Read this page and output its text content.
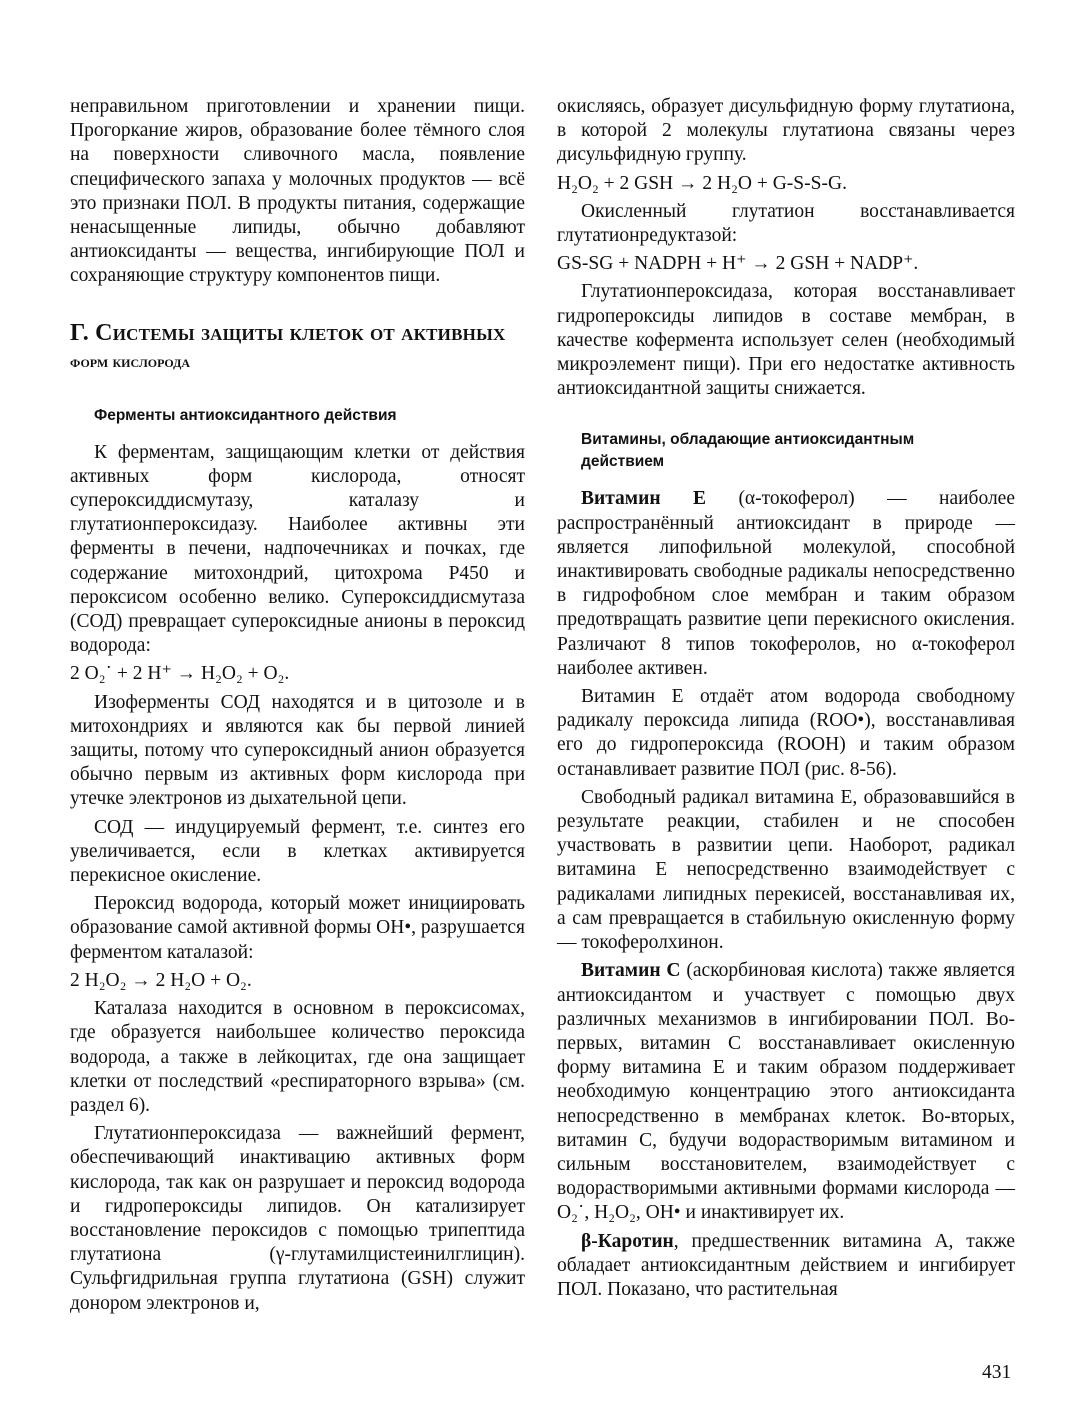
неправильном приготовлении и хранении пищи. Прогоркание жиров, образование более тёмного слоя на поверхности сливочного масла, появление специфического запаха у молочных продуктов — всё это признаки ПОЛ. В продукты питания, содержащие ненасыщенные липиды, обычно добавляют антиоксиданты — вещества, ингибирующие ПОЛ и сохраняющие структуру компонентов пищи.

Г. Системы защиты клеток от активных
форм кислорода
Ферменты антиоксидантного действия

К ферментам, защищающим клетки от действия активных форм кислорода, относят супероксиддисмутазу, каталазу и глутатионпероксидазу. Наиболее активны эти ферменты в печени, надпочечниках и почках, где содержание митохондрий, цитохрома P450 и пероксисом особенно велико. Супероксиддисмутаза (СОД) превращает супероксидные анионы в пероксид водорода:

2 O₂˙ + 2 H⁺ → H₂O₂ + O₂.

Изоферменты СОД находятся и в цитозоле и в митохондриях и являются как бы первой линией защиты, потому что супероксидный анион образуется обычно первым из активных форм кислорода при утечке электронов из дыхательной цепи.

СОД — индуцируемый фермент, т.е. синтез его увеличивается, если в клетках активируется перекисное окисление.

Пероксид водорода, который может инициировать образование самой активной формы OH•, разрушается ферментом каталазой:

2 H₂O₂ → 2 H₂O + O₂.

Каталаза находится в основном в пероксисомах, где образуется наибольшее количество пероксида водорода, а также в лейкоцитах, где она защищает клетки от последствий «респираторного взрыва» (см. раздел 6).

Глутатионпероксидаза — важнейший фермент, обеспечивающий инактивацию активных форм кислорода, так как он разрушает и пероксид водорода и гидропероксиды липидов. Он катализирует восстановление пероксидов с помощью трипептида глутатиона (γ-глутамилцистеинилглицин). Сульфгидрильная группа глутатиона (GSH) служит донором электронов и,

окисляясь, образует дисульфидную форму глутатиона, в которой 2 молекулы глутатиона связаны через дисульфидную группу.

H₂O₂ + 2 GSH → 2 H₂O + G-S-S-G.

Окисленный глутатион восстанавливается глутатионредуктазой:

GS-SG + NADPH + H⁺ → 2 GSH + NADP⁺.

Глутатионпероксидаза, которая восстанавливает гидропероксиды липидов в составе мембран, в качестве кофермента использует селен (необходимый микроэлемент пищи). При его недостатке активность антиоксидантной защиты снижается.

Витамины, обладающие антиоксидантным
действием

Витамин E (α-токоферол) — наиболее распространённый антиоксидант в природе — является липофильной молекулой, способной инактивировать свободные радикалы непосредственно в гидрофобном слое мембран и таким образом предотвращать развитие цепи перекисного окисления. Различают 8 типов токоферолов, но α-токоферол наиболее активен.

Витамин E отдаёт атом водорода свободному радикалу пероксида липида (ROO•), восстанавливая его до гидропероксида (ROOH) и таким образом останавливает развитие ПОЛ (рис. 8-56).

Свободный радикал витамина E, образовавшийся в результате реакции, стабилен и не способен участвовать в развитии цепи. Наоборот, радикал витамина E непосредственно взаимодействует с радикалами липидных перекисей, восстанавливая их, а сам превращается в стабильную окисленную форму — токоферолхинон.

Витамин C (аскорбиновая кислота) также является антиоксидантом и участвует с помощью двух различных механизмов в ингибировании ПОЛ. Во-первых, витамин C восстанавливает окисленную форму витамина E и таким образом поддерживает необходимую концентрацию этого антиоксиданта непосредственно в мембранах клеток. Во-вторых, витамин C, будучи водорастворимым витамином и сильным восстановителем, взаимодействует с водорастворимыми активными формами кислорода — O₂˙, H₂O₂, OH• и инактивирует их.

β-Каротин, предшественник витамина A, также обладает антиоксидантным действием и ингибирует ПОЛ. Показано, что растительная

431
